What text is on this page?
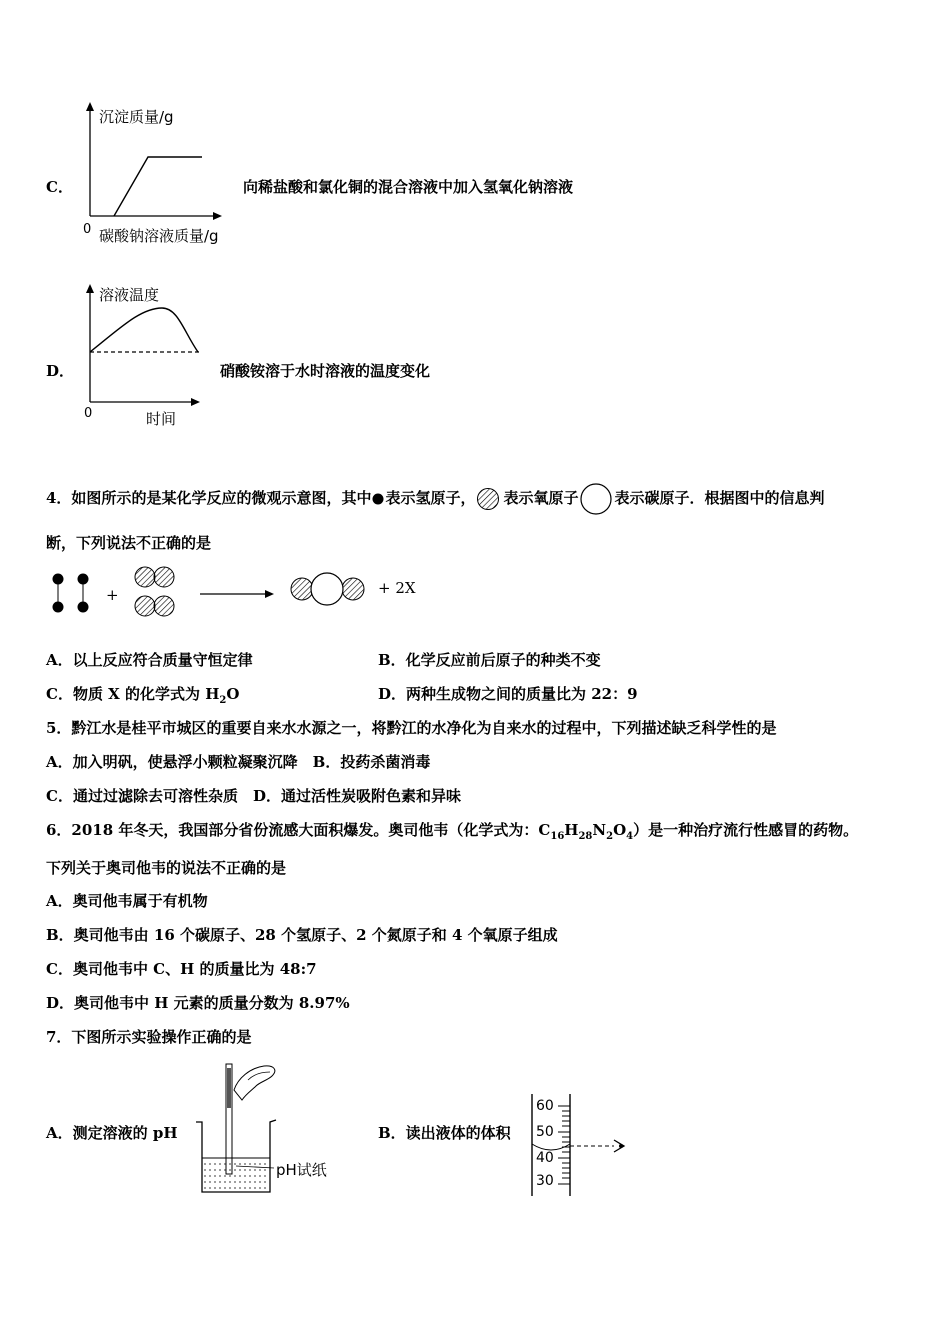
C．
沉淀质量/g
0 碳酸钠溶液质量/g
向稀盐酸和氯化铜的混合溶液中加入氢氧化钠溶液
D．
溶液温度
0	时间
硝酸铵溶于水时溶液的温度变化
4．如图所示的是某化学反应的微观示意图，其中 表示氢原子， 表示氧原子 表示碳原子．根据图中的信息判
断，下列说法不正确的是
+	+ 2X
A．以上反应符合质量守恒定律	B．化学反应前后原子的种类不变
C．物质 X 的化学式为 $H_2O$	D．两种生成物之间的质量比为 22：9
5．黔江水是桂平市城区的重要自来水水源之一，将黔江的水净化为自来水的过程中，下列描述缺乏科学性的是
A．加入明矾，使悬浮小颗粒凝聚沉降　B．投药杀菌消毒
C．通过过滤除去可溶性杂质　D．通过活性炭吸附色素和异味
6．2018 年冬天，我国部分省份流感大面积爆发。奥司他韦（化学式为：$C_{16}H_{28}N_2O_4$）是一种治疗流行性感冒的药物。
下列关于奥司他韦的说法不正确的是
A．奥司他韦属于有机物
B．奥司他韦由 16 个碳原子、28 个氢原子、2 个氮原子和 4 个氧原子组成
C．奥司他韦中 C、H 的质量比为 48:7
D．奥司他韦中 H 元素的质量分数为 8.97%
7．下图所示实验操作正确的是
A．测定溶液的 pH
pH试纸
B．读出液体的体积
60
50
40
30
